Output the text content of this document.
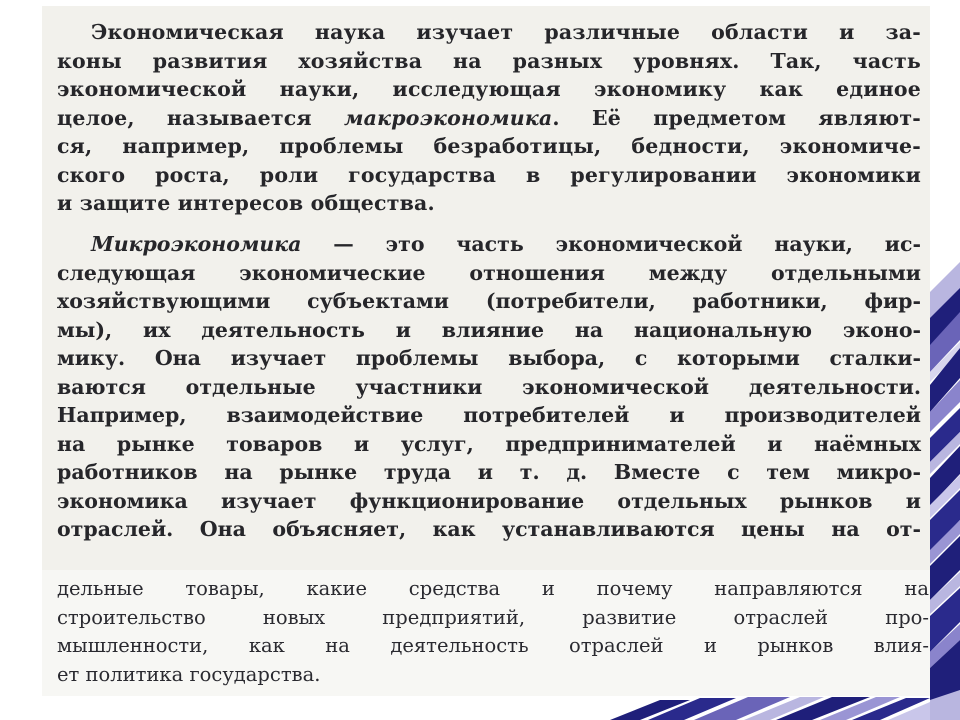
Экономическая наука изучает различные области и за-
коны развития хозяйства на разных уровнях. Так, часть
экономической науки, исследующая экономику как единое
целое, называется макроэкономика. Её предметом являют-
ся, например, проблемы безработицы, бедности, экономиче-
ского роста, роли государства в регулировании экономики
и защите интересов общества.

Микроэкономика — это часть экономической науки, ис-
следующая экономические отношения между отдельными
хозяйствующими субъектами (потребители, работники, фир-
мы), их деятельность и влияние на национальную эконо-
мику. Она изучает проблемы выбора, с которыми сталки-
ваются отдельные участники экономической деятельности.
Например, взаимодействие потребителей и производителей
на рынке товаров и услуг, предпринимателей и наёмных
работников на рынке труда и т. д. Вместе с тем микро-
экономика изучает функционирование отдельных рынков и
отраслей. Она объясняет, как устанавливаются цены на от-

дельные товары, какие средства и почему направляются на
строительство новых предприятий, развитие отраслей про-
мышленности, как на деятельность отраслей и рынков влия-
ет политика государства.
